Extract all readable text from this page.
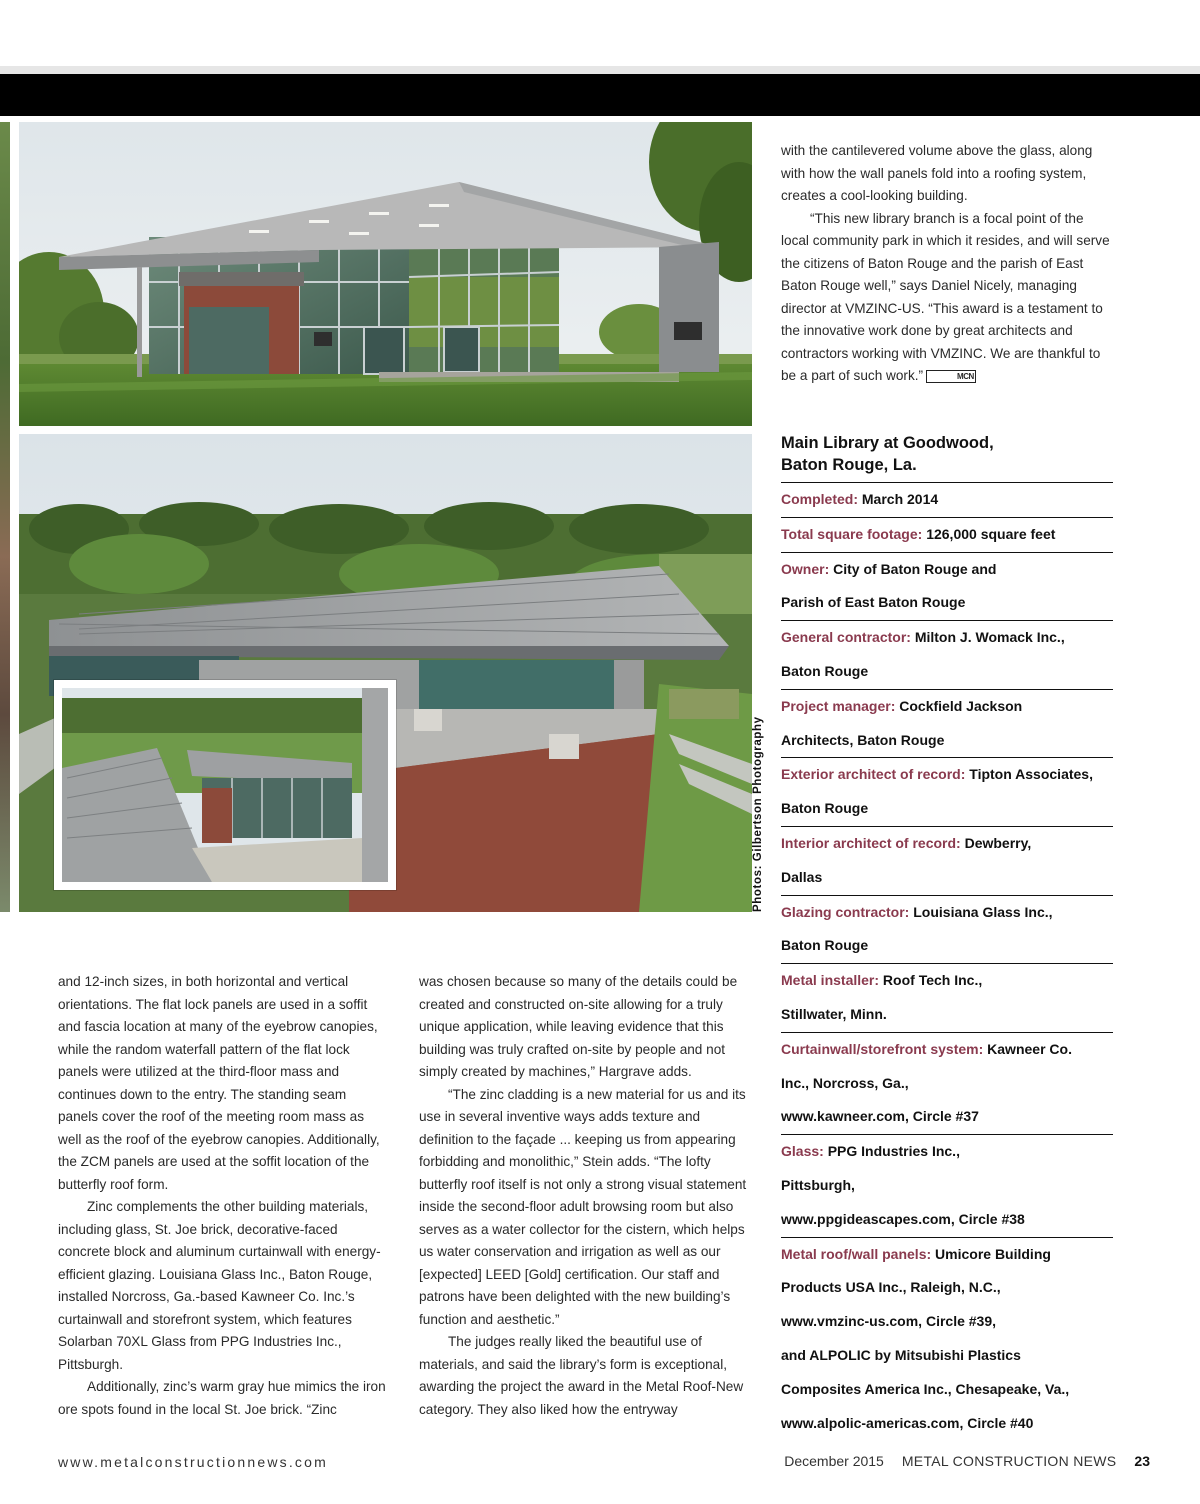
Photos: Gilbertson Photography

with the cantilevered volume above the glass, along with how the wall panels fold into a roofing system, creates a cool-looking building.

“This new library branch is a focal point of the local community park in which it resides, and will serve the citizens of Baton Rouge and the parish of East Baton Rouge well,” says Daniel Nicely, managing director at VMZINC-US. “This award is a testament to the innovative work done by great architects and contractors working with VMZINC. We are thankful to be a part of such work.”	MCN

Main Library at Goodwood,
Baton Rouge, La.
Completed: March 2014
Total square footage: 126,000 square feet
Owner: City of Baton Rouge and
Parish of East Baton Rouge
General contractor: Milton J. Womack Inc.,
Baton Rouge
Project manager: Cockfield Jackson
Architects, Baton Rouge
Exterior architect of record: Tipton Associates,
Baton Rouge
Interior architect of record: Dewberry,
Dallas
Glazing contractor: Louisiana Glass Inc.,
Baton Rouge
Metal installer: Roof Tech Inc.,
Stillwater, Minn.
Curtainwall/storefront system: Kawneer Co.
Inc., Norcross, Ga.,
www.kawneer.com, Circle #37
Glass: PPG Industries Inc.,
Pittsburgh,
www.ppgideascapes.com, Circle #38
Metal roof/wall panels: Umicore Building
Products USA Inc., Raleigh, N.C.,
www.vmzinc-us.com, Circle #39,
and ALPOLIC by Mitsubishi Plastics
Composites America Inc., Chesapeake, Va.,
www.alpolic-americas.com, Circle #40

and 12-inch sizes, in both horizontal and vertical orientations. The flat lock panels are used in a soffit and fascia location at many of the eyebrow canopies, while the random waterfall pattern of the flat lock panels were utilized at the third-floor mass and continues down to the entry. The standing seam panels cover the roof of the meeting room mass as well as the roof of the eyebrow canopies. Additionally, the ZCM panels are used at the soffit location of the butterfly roof form.

Zinc complements the other building materials, including glass, St. Joe brick, decorative-faced concrete block and aluminum curtainwall with energy-efficient glazing. Louisiana Glass Inc., Baton Rouge, installed Norcross, Ga.-based Kawneer Co. Inc.’s curtainwall and storefront system, which features Solarban 70XL Glass from PPG Industries Inc., Pittsburgh.

Additionally, zinc’s warm gray hue mimics the iron ore spots found in the local St. Joe brick. “Zinc

was chosen because so many of the details could be created and constructed on-site allowing for a truly unique application, while leaving evidence that this building was truly crafted on-site by people and not simply created by machines,” Hargrave adds.

“The zinc cladding is a new material for us and its use in several inventive ways adds texture and definition to the façade ... keeping us from appearing forbidding and monolithic,” Stein adds. “The lofty butterfly roof itself is not only a strong visual statement inside the second-floor adult browsing room but also serves as a water collector for the cistern, which helps us water conservation and irrigation as well as our [expected] LEED [Gold] certification. Our staff and patrons have been delighted with the new building’s function and aesthetic.”

The judges really liked the beautiful use of materials, and said the library’s form is exceptional, awarding the project the award in the Metal Roof-New category. They also liked how the entryway

www.metalconstructionnews.com	December 2015 METAL CONSTRUCTION NEWS 23
